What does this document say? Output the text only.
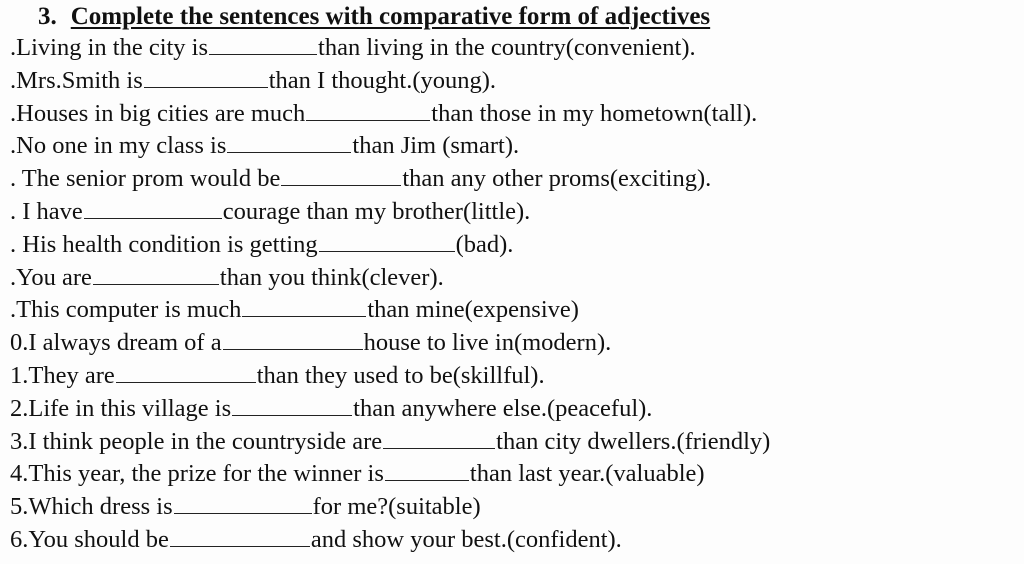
3. Complete the sentences with comparative form of adjectives
.Living in the city is	than living in the country(convenient).
.Mrs.Smith is	than I thought.(young).
.Houses in big cities are much	than those in my hometown(tall).
.No one in my class is	than Jim (smart).
. The senior prom would be	than any other proms(exciting).
. I have	courage than my brother(little).
. His health condition is getting	(bad).
.You are	than you think(clever).
.This computer is much	than mine(expensive)
0.I always dream of a	house to live in(modern).
1.They are	than they used to be(skillful).
2.Life in this village is	than anywhere else.(peaceful).
3.I think people in the countryside are	than city dwellers.(friendly)
4.This year, the prize for the winner is	than last year.(valuable)
5.Which dress is	for me?(suitable)
6.You should be	and show your best.(confident).
